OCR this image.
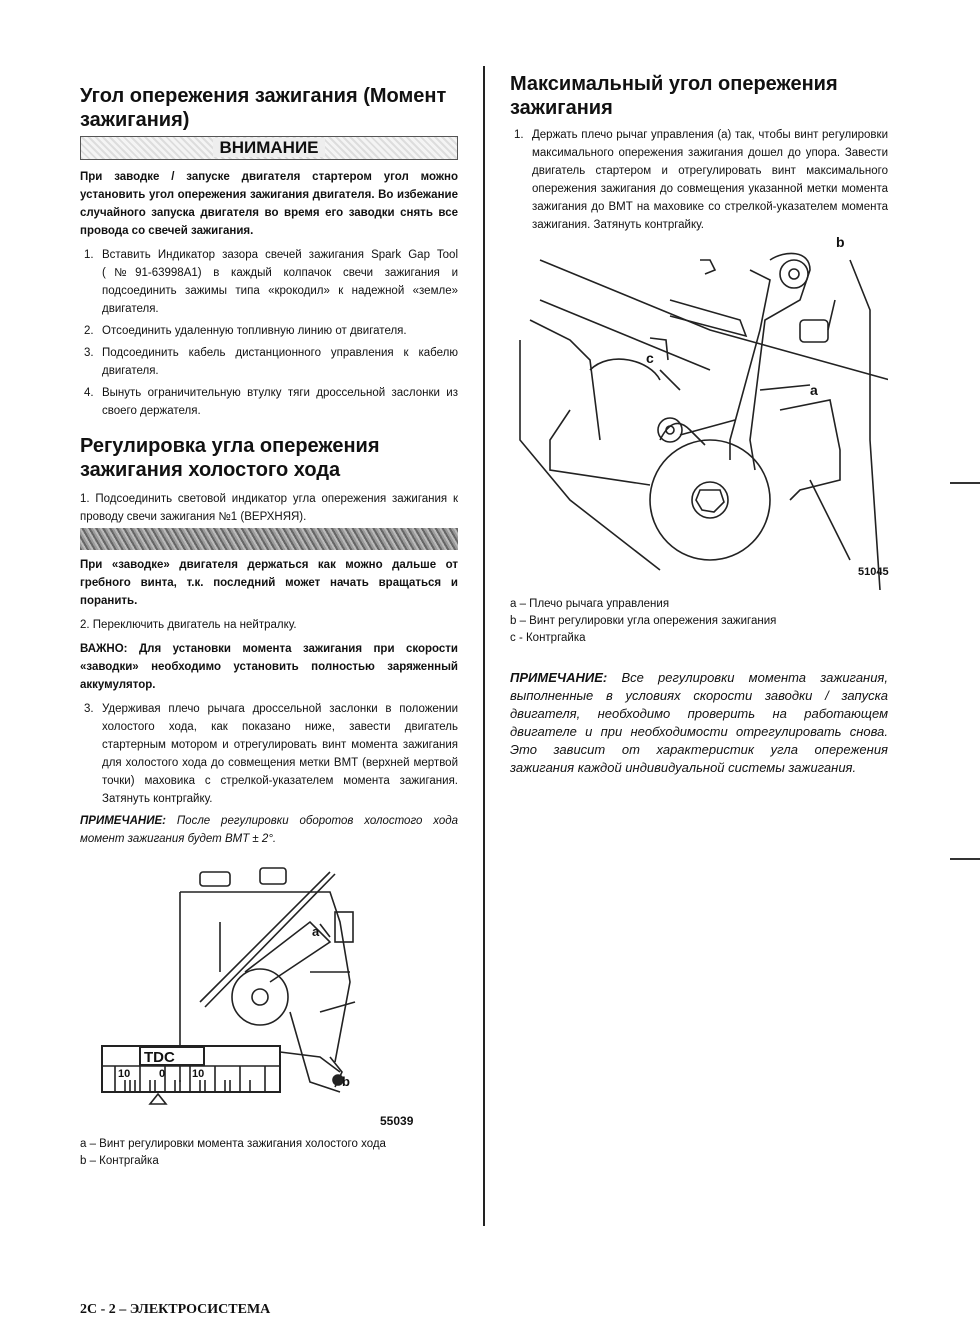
Угол опережения зажигания (Момент зажигания)
ВНИМАНИЕ

При заводке / запуске двигателя стартером угол можно установить угол опережения зажигания двигателя. Во избежание случайного запуска двигателя во время его заводки снять все провода со свечей зажигания.

1. Вставить Индикатор зазора свечей зажигания Spark Gap Tool (№91-63998А1) в каждый колпачок свечи зажигания и подсоединить зажимы типа «крокодил» к надежной «земле» двигателя.
2. Отсоединить удаленную топливную линию от двигателя.
3. Подсоединить кабель дистанционного управления к кабелю двигателя.
4. Вынуть ограничительную втулку тяги дроссельной заслонки из своего держателя.
Регулировка угла опережения зажигания холостого хода

1. Подсоединить световой индикатор угла опережения зажигания к проводу свечи зажигания №1 (ВЕРХНЯЯ).

При «заводке» двигателя держаться как можно дальше от гребного винта, т.к. последний может начать вращаться и поранить.

2. Переключить двигатель на нейтралку.

ВАЖНО: Для установки момента зажигания при скорости «заводки» необходимо установить полностью заряженный аккумулятор.

3. Удерживая плечо рычага дроссельной заслонки в положении холостого хода, как показано ниже, завести двигатель стартерным мотором и отрегулировать винт момента зажигания для холостого хода до совмещения метки ВМТ (верхней мертвой точки) маховика с стрелкой-указателем момента зажигания. Затянуть контргайку.

ПРИМЕЧАНИЕ: После регулировки оборотов холостого хода момент зажигания будет ВМТ ± 2°.

TDC
10	0 10
a
b
55039

a – Винт регулировки момента зажигания холостого хода

b – Контргайка

Максимальный угол опережения зажигания
1. Держать плечо рычаг управления (а) так, чтобы винт регулировки максимального опережения зажигания дошел до упора. Завести двигатель стартером и отрегулировать винт максимального опережения зажигания до совмещения указанной метки момента зажигания до ВМТ на маховике со стрелкой-указателем момента зажигания. Затянуть контргайку.
b
a
c
51045

a – Плечо рычага управления

b – Винт регулировки угла опережения зажигания

c - Контргайка

ПРИМЕЧАНИЕ: Все регулировки момента зажигания, выполненные в условиях скорости заводки / запуска двигателя, необходимо проверить на работающем двигателе и при необходимости отрегулировать снова. Это зависит от характеристик угла опережения зажигания каждой индивидуальной системы зажигания.

2C - 2 – ЭЛЕКТРОСИСТЕМА
